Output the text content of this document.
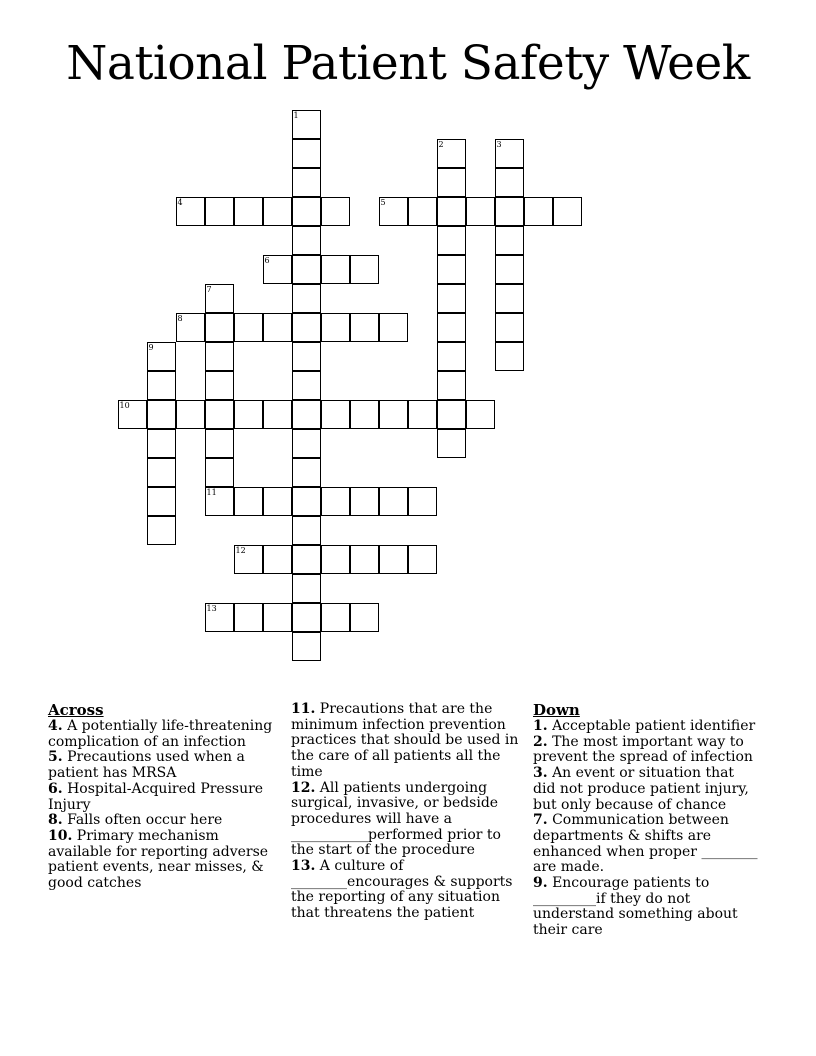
National Patient Safety Week
1
2	3
4	5
6
7
11
8
9
10
12
13
Across

4. A potentially life-threatening complication of an infection

5. Precautions used when a patient has MRSA

6. Hospital-Acquired Pressure Injury

8. Falls often occur here

10. Primary mechanism available for reporting adverse patient events, near misses, & good catches

11. Precautions that are the minimum infection prevention practices that should be used in the care of all patients all the time

12. All patients undergoing surgical, invasive, or bedside procedures will have a ___________performed prior to the start of the procedure

13. A culture of ________encourages & supports the reporting of any situation that threatens the patient

Down

1. Acceptable patient identifier

2. The most important way to prevent the spread of infection

3. An event or situation that did not produce patient injury, but only because of chance

7. Communication between departments & shifts are enhanced when proper ________ are made.

9. Encourage patients to _________if they do not understand something about their care
